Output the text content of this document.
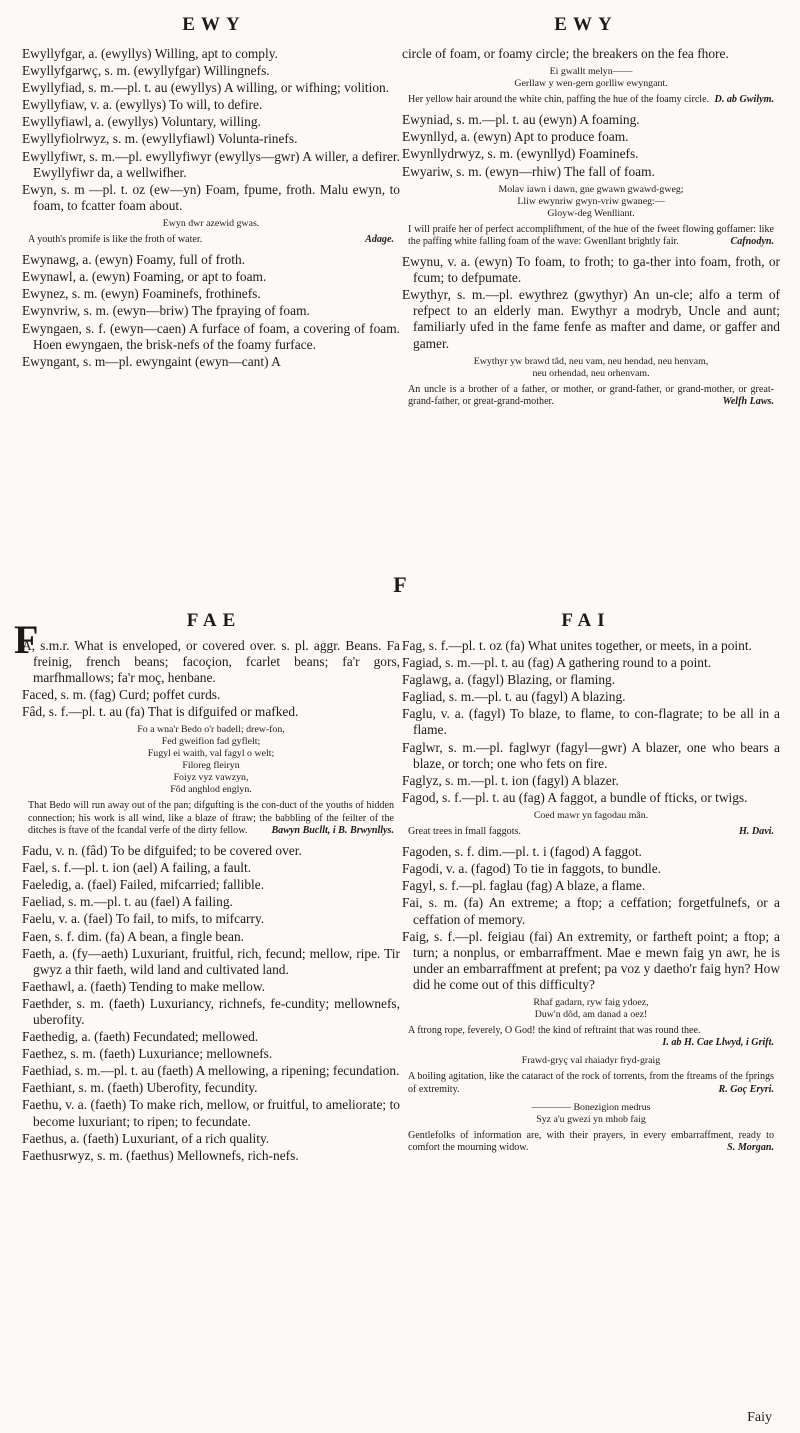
EWY	EWY

Ewyllyfgar, a. (ewyllys) Willing, apt to comply.

Ewyllyfgarwç, s. m. (ewyllyfgar) Willingnefs.

Ewyllyfiad, s. m.—pl. t. au (ewyllys) A willing, or wifhing; volition.

Ewyllyfiaw, v. a. (ewyllys) To will, to defire.

Ewyllyfiawl, a. (ewyllys) Voluntary, willing.

Ewyllyfiolrwyz, s. m. (ewyllyfiawl) Volunta-rinefs.

Ewyllyfiwr, s. m.—pl. ewyllyfiwyr (ewyllys—gwr) A willer, a defirer. Ewyllyfiwr da, a wellwifher.

Ewyn, s. m —pl. t. oz (ew—yn) Foam, fpume, froth. Malu ewyn, to foam, to fcatter foam about.

Ewyn dwr azewid gwas.
A youth's promife is like the froth of water.	Adage.

Ewynawg, a. (ewyn) Foamy, full of froth.

Ewynawl, a. (ewyn) Foaming, or apt to foam.

Ewynez, s. m. (ewyn) Foaminefs, frothinefs.

Ewynvriw, s. m. (ewyn—briw) The fpraying of foam.

Ewyngaen, s. f. (ewyn—caen) A furface of foam, a covering of foam. Hoen ewyngaen, the brisk-nefs of the foamy furface.

Ewyngant, s. m—pl. ewyngaint (ewyn—cant) A

circle of foam, or foamy circle; the breakers on the fea fhore.

Ei gwallt melyn——
Gerllaw y wen-gern gorlliw ewyngant.
Her yellow hair around the white chin, paffing the hue of the foamy circle. D. ab Gwilym.

Ewyniad, s. m.—pl. t. au (ewyn) A foaming.

Ewynllyd, a. (ewyn) Apt to produce foam.

Ewynllydrwyz, s. m. (ewynllyd) Foaminefs.

Ewyariw, s. m. (ewyn—rhiw) The fall of foam.

Molav iawn i dawn, gne gwawn gwawd-gweg;
Lliw ewynriw gwyn-vriw gwaneg:—
Gloyw-deg Wenlliant.
I will praife her of perfect accomplifhment, of the hue of the fweet flowing goffamer: like the paffing white falling foam of the wave: Gwenllant brightly fair.	Cafnodyn.

Ewynu, v. a. (ewyn) To foam, to froth; to ga-ther into foam, froth, or fcum; to defpumate.

Ewythyr, s. m.—pl. ewythrez (gwythyr) An un-cle; alfo a term of refpect to an elderly man. Ewythyr a modryb, Uncle and aunt; familiarly ufed in the fame fenfe as mafter and dame, or gaffer and gamer.

Ewythyr yw brawd tâd, neu vam, neu hendad, neu henvam,
neu orhendad, neu orhenvam.
An uncle is a brother of a father, or mother, or grand-father, or grand-mother, or great-grand-father, or great-grand-mother.	Welfh Laws.
F
FAE	FAI
F

A, s.m.r. What is enveloped, or covered over. s. pl. aggr. Beans. Fa freinig, french beans; facoçion, fcarlet beans; fa'r gors, marfhmallows; fa'r moç, henbane.

Faced, s. m. (fag) Curd; poffet curds.

Fâd, s. f.—pl. t. au (fa) That is difguifed or mafked.

Fo a wna'r Bedo o'r badell; drew-fon,
Fed gweifion fad gyflelt;
Fugyl ei waith, val fagyl o welt;
Filoreg fleiryn
Foiyz vyz vawzyn,
Fôd anghlod englyn.
That Bedo will run away out of the pan; difgufting is the con-duct of the youths of hidden connection; his work is all wind, like a blaze of ftraw; the babbling of the feilter of the ditches is ftave of the fcandal verfe of the dirty fellow. Bawyn Bucllt, i B. Brwynllys.

Fadu, v. n. (fâd) To be difguifed; to be covered over.

Fael, s. f.—pl. t. ion (ael) A failing, a fault.

Faeledig, a. (fael) Failed, mifcarried; fallible.

Faeliad, s. m.—pl. t. au (fael) A failing.

Faelu, v. a. (fael) To fail, to mifs, to mifcarry.

Faen, s. f. dim. (fa) A bean, a fingle bean.

Faeth, a. (fy—aeth) Luxuriant, fruitful, rich, fecund; mellow, ripe. Tir gwyz a thir faeth, wild land and cultivated land.

Faethawl, a. (faeth) Tending to make mellow.

Faethder, s. m. (faeth) Luxuriancy, richnefs, fe-cundity; mellownefs, uberofity.

Faethedig, a. (faeth) Fecundated; mellowed.

Faethez, s. m. (faeth) Luxuriance; mellownefs.

Faethiad, s. m.—pl. t. au (faeth) A mellowing, a ripening; fecundation.

Faethiant, s. m. (faeth) Uberofity, fecundity.

Faethu, v. a. (faeth) To make rich, mellow, or fruitful, to ameliorate; to become luxuriant; to ripen; to fecundate.

Faethus, a. (faeth) Luxuriant, of a rich quality.

Faethusrwyz, s. m. (faethus) Mellownefs, rich-nefs.

Fag, s. f.—pl. t. oz (fa) What unites together, or meets, in a point.

Fagiad, s. m.—pl. t. au (fag) A gathering round to a point.

Faglawg, a. (fagyl) Blazing, or flaming.

Fagliad, s. m.—pl. t. au (fagyl) A blazing.

Faglu, v. a. (fagyl) To blaze, to flame, to con-flagrate; to be all in a flame.

Faglwr, s. m.—pl. faglwyr (fagyl—gwr) A blazer, one who bears a blaze, or torch; one who fets on fire.

Faglyz, s. m.—pl. t. ion (fagyl) A blazer.

Fagod, s. f.—pl. t. au (fag) A faggot, a bundle of fticks, or twigs.

Coed mawr yn fagodau mân.
Great trees in fmall faggots.	H. Davi.

Fagoden, s. f. dim.—pl. t. i (fagod) A faggot.

Fagodi, v. a. (fagod) To tie in faggots, to bundle.

Fagyl, s. f.—pl. faglau (fag) A blaze, a flame.

Fai, s. m. (fa) An extreme; a ftop; a ceffation; forgetfulnefs, or a ceffation of memory.

Faig, s. f.—pl. feigiau (fai) An extremity, or fartheft point; a ftop; a turn; a nonplus, or embarraffment. Mae e mewn faig yn awr, he is under an embarraffment at prefent; pa voz y daetho'r faig hyn? How did he come out of this difficulty?

Rhaf gadarn, ryw faig ydoez,
Duw'n dôd, am danad a oez!
A ftrong rope, feverely, O God! the kind of reftraint that was round thee.
I. ab H. Cae Llwyd, i Grift.
Frawd-gryç val rhaiadyr fryd-graig
A boiling agitation, like the cataract of the rock of torrents, from the ftreams of the fprings of extremity.	R. Goç Eryri.
———— Bonezigion medrus
Syz a'u gwezi yn mhob faig
Gentlefolks of information are, with their prayers, in every embarraffment, ready to comfort the mourning widow.	S. Morgan.
Faiy
